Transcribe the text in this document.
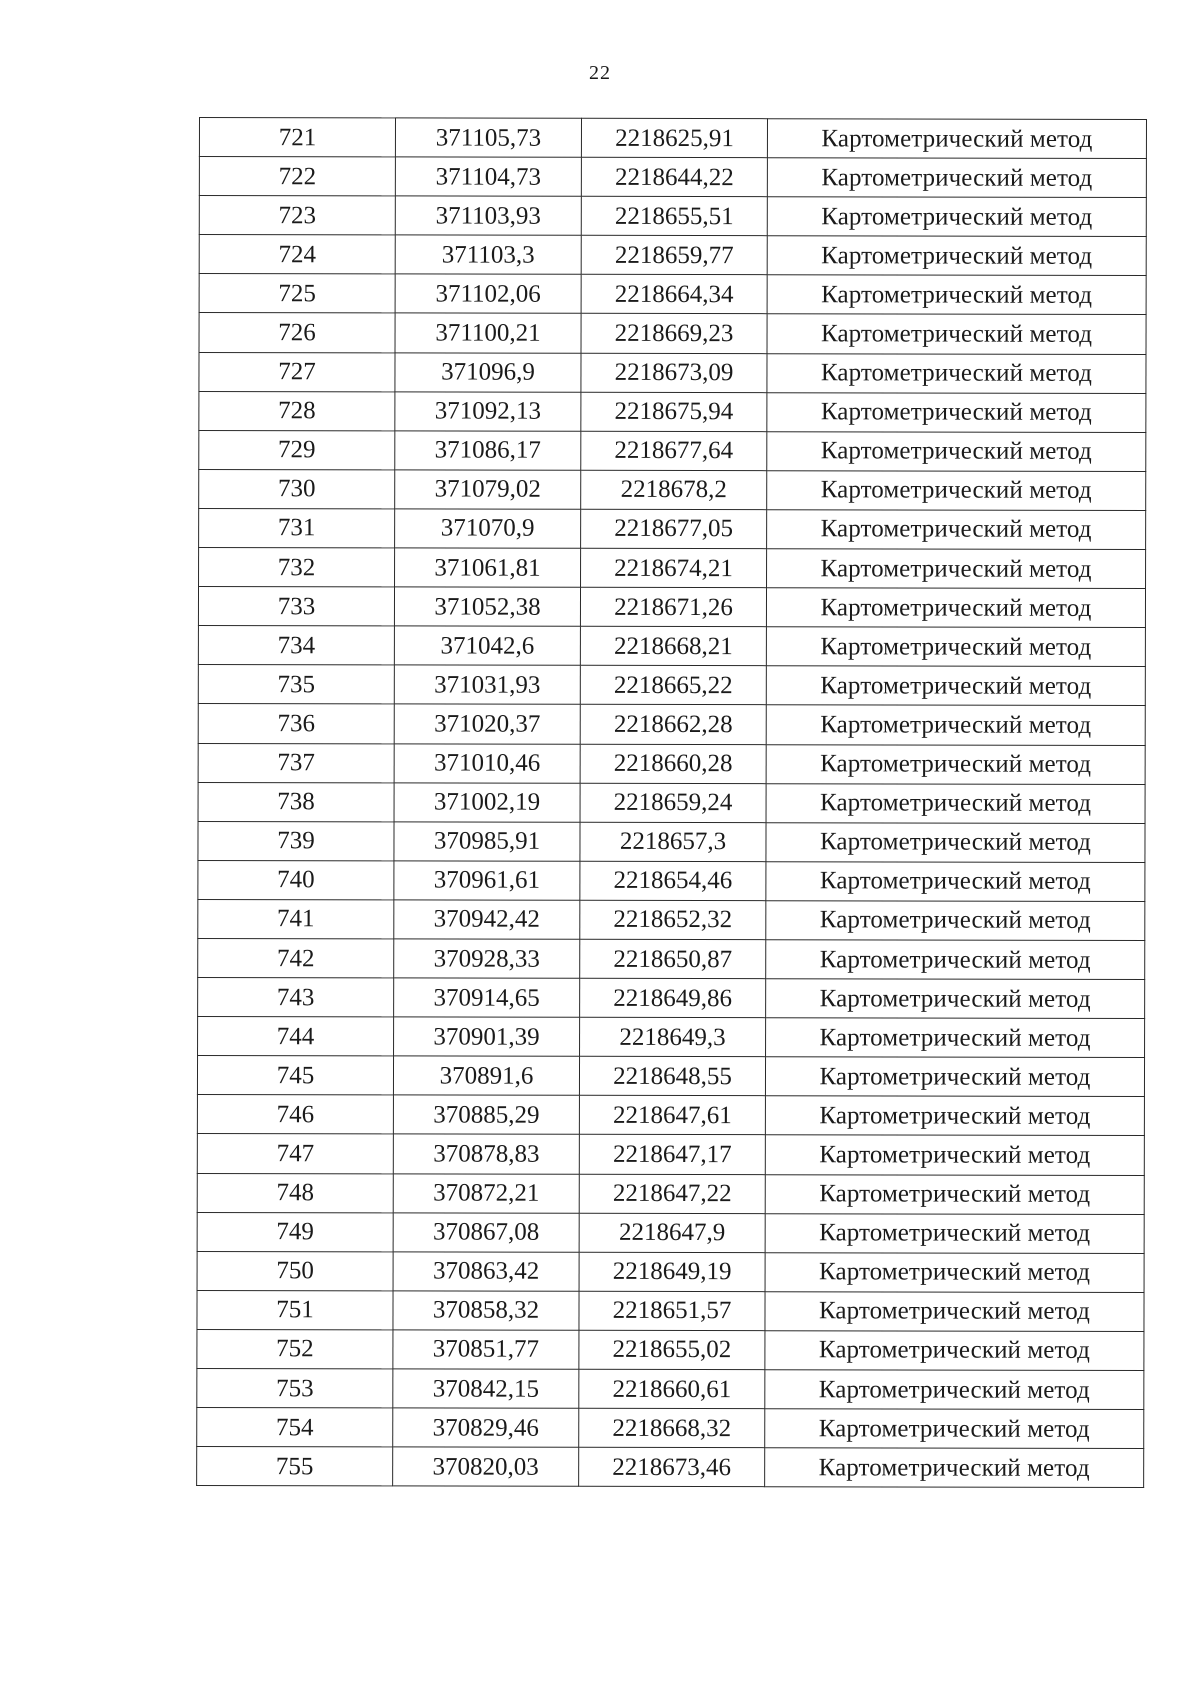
22
721	371105,73	2218625,91	Картометрический метод
722	371104,73	2218644,22	Картометрический метод
723	371103,93	2218655,51	Картометрический метод
724	371103,3	2218659,77	Картометрический метод
725	371102,06	2218664,34	Картометрический метод
726	371100,21	2218669,23	Картометрический метод
727	371096,9	2218673,09	Картометрический метод
728	371092,13	2218675,94	Картометрический метод
729	371086,17	2218677,64	Картометрический метод
730	371079,02	2218678,2	Картометрический метод
731	371070,9	2218677,05	Картометрический метод
732	371061,81	2218674,21	Картометрический метод
733	371052,38	2218671,26	Картометрический метод
734	371042,6	2218668,21	Картометрический метод
735	371031,93	2218665,22	Картометрический метод
736	371020,37	2218662,28	Картометрический метод
737	371010,46	2218660,28	Картометрический метод
738	371002,19	2218659,24	Картометрический метод
739	370985,91	2218657,3	Картометрический метод
740	370961,61	2218654,46	Картометрический метод
741	370942,42	2218652,32	Картометрический метод
742	370928,33	2218650,87	Картометрический метод
743	370914,65	2218649,86	Картометрический метод
744	370901,39	2218649,3	Картометрический метод
745	370891,6	2218648,55	Картометрический метод
746	370885,29	2218647,61	Картометрический метод
747	370878,83	2218647,17	Картометрический метод
748	370872,21	2218647,22	Картометрический метод
749	370867,08	2218647,9	Картометрический метод
750	370863,42	2218649,19	Картометрический метод
751	370858,32	2218651,57	Картометрический метод
752	370851,77	2218655,02	Картометрический метод
753	370842,15	2218660,61	Картометрический метод
754	370829,46	2218668,32	Картометрический метод
755	370820,03	2218673,46	Картометрический метод
